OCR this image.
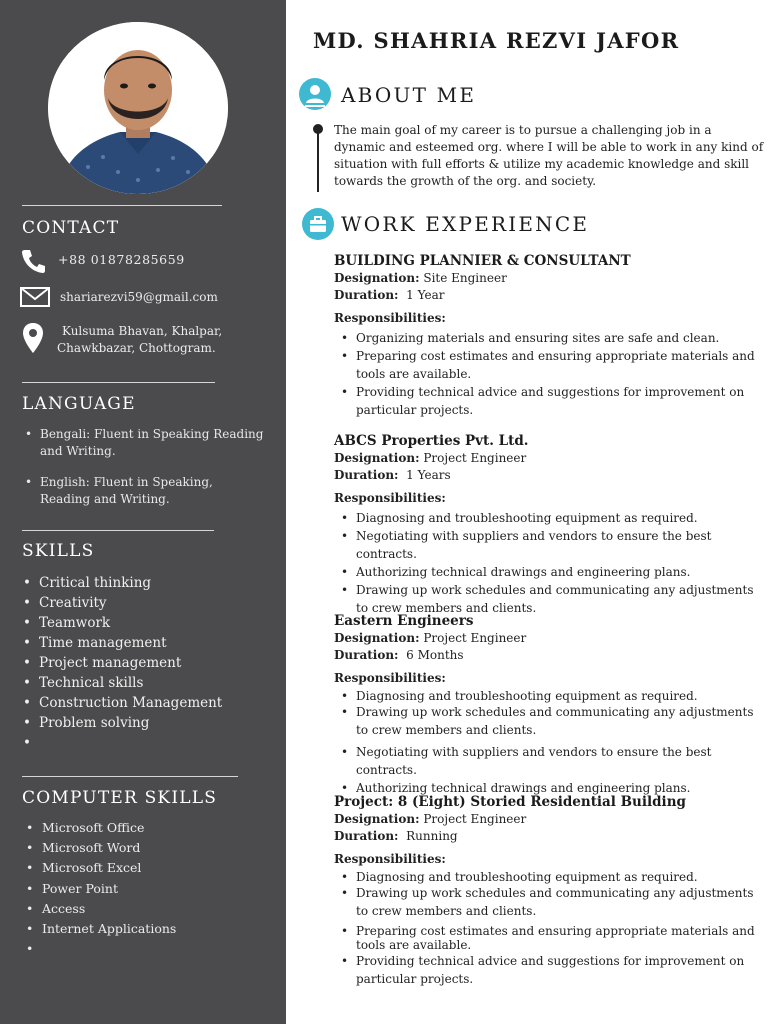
CONTACT
+88 01878285659
shariarezvi59@gmail.com
Kulsuma Bhavan, Khalpar,
Chawkbazar, Chottogram.
LANGUAGE
• Bengali: Fluent in Speaking Reading and Writing.
• English: Fluent in Speaking, Reading and Writing.
SKILLS
• Critical thinking
• Creativity
• Teamwork
• Time management
• Project management
• Technical skills
• Construction Management
• Problem solving
•
COMPUTER SKILLS
• Microsoft Office
• Microsoft Word
• Microsoft Excel
• Power Point
• Access
• Internet Applications
•
MD. SHAHRIA REZVI JAFOR
ABOUT ME
The main goal of my career is to pursue a challenging job in a dynamic and esteemed org. where I will be able to work in any kind of situation with full efforts & utilize my academic knowledge and skill towards the growth of the org. and society.
WORK EXPERIENCE
BUILDING PLANNIER & CONSULTANT
Designation: Site Engineer
Duration: 1 Year
Responsibilities:
• Organizing materials and ensuring sites are safe and clean.
• Preparing cost estimates and ensuring appropriate materials and tools are available.
• Providing technical advice and suggestions for improvement on particular projects.
ABCS Properties Pvt. Ltd.
Designation: Project Engineer
Duration: 1 Years
Responsibilities:
• Diagnosing and troubleshooting equipment as required.
• Negotiating with suppliers and vendors to ensure the best contracts.
• Authorizing technical drawings and engineering plans.
• Drawing up work schedules and communicating any adjustments to crew members and clients.
Eastern Engineers
Designation: Project Engineer
Duration: 6 Months
Responsibilities:
• Diagnosing and troubleshooting equipment as required.
• Drawing up work schedules and communicating any adjustments to crew members and clients.
• Negotiating with suppliers and vendors to ensure the best contracts.
• Authorizing technical drawings and engineering plans.
Project: 8 (Eight) Storied Residential Building
Designation: Project Engineer
Duration: Running
Responsibilities:
• Diagnosing and troubleshooting equipment as required.
• Drawing up work schedules and communicating any adjustments to crew members and clients.
• Preparing cost estimates and ensuring appropriate materials and tools are available.
• Providing technical advice and suggestions for improvement on particular projects.
